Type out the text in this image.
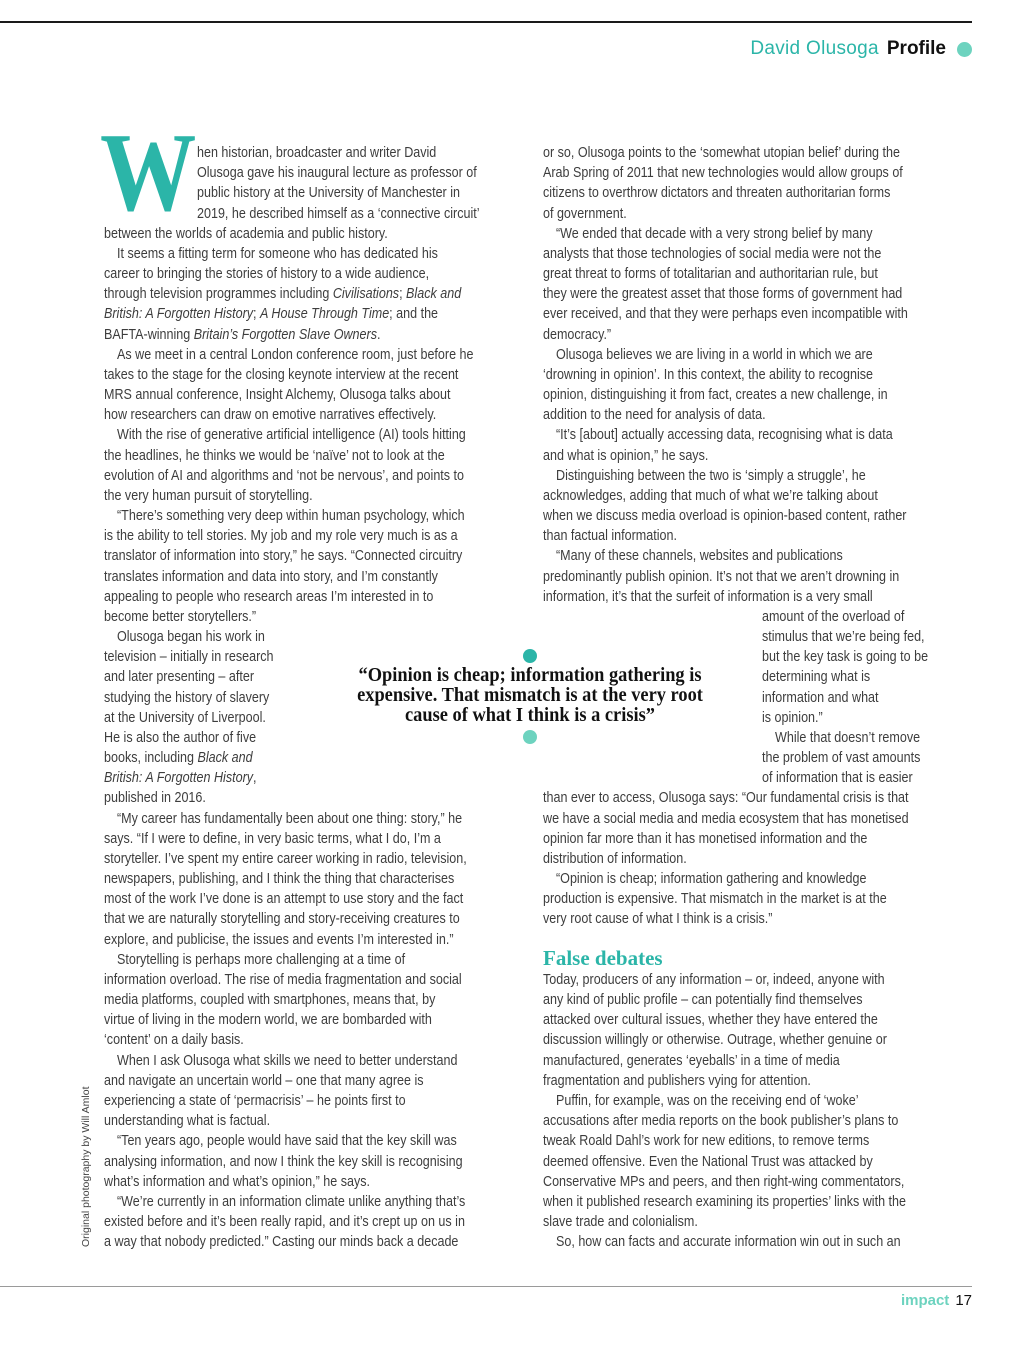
David Olusoga Profile
W hen historian, broadcaster and writer David
Olusoga gave his inaugural lecture as professor of
public history at the University of Manchester in
2019, he described himself as a ‘connective circuit’
between the worlds of academia and public history.
It seems a fitting term for someone who has dedicated his
career to bringing the stories of history to a wide audience,
through television programmes including Civilisations; Black and
British: A Forgotten History; A House Through Time; and the
BAFTA-winning Britain’s Forgotten Slave Owners.
As we meet in a central London conference room, just before he
takes to the stage for the closing keynote interview at the recent
MRS annual conference, Insight Alchemy, Olusoga talks about
how researchers can draw on emotive narratives effectively.
With the rise of generative artificial intelligence (AI) tools hitting
the headlines, he thinks we would be ‘naïve’ not to look at the
evolution of AI and algorithms and ‘not be nervous’, and points to
the very human pursuit of storytelling.
“There’s something very deep within human psychology, which
is the ability to tell stories. My job and my role very much is as a
translator of information into story,” he says. “Connected circuitry
translates information and data into story, and I’m constantly
appealing to people who research areas I’m interested in to
become better storytellers.”
Olusoga began his work in
television – initially in research
and later presenting – after
studying the history of slavery
at the University of Liverpool.
He is also the author of five
books, including Black and
British: A Forgotten History,
published in 2016.
“My career has fundamentally been about one thing: story,” he
says. “If I were to define, in very basic terms, what I do, I’m a
storyteller. I’ve spent my entire career working in radio, television,
newspapers, publishing, and I think the thing that characterises
most of the work I’ve done is an attempt to use story and the fact
that we are naturally storytelling and story-receiving creatures to
explore, and publicise, the issues and events I’m interested in.”
Storytelling is perhaps more challenging at a time of
information overload. The rise of media fragmentation and social
media platforms, coupled with smartphones, means that, by
virtue of living in the modern world, we are bombarded with
‘content’ on a daily basis.
When I ask Olusoga what skills we need to better understand
and navigate an uncertain world – one that many agree is
experiencing a state of ‘permacrisis’ – he points first to
understanding what is factual.
“Ten years ago, people would have said that the key skill was
analysing information, and now I think the key skill is recognising
what’s information and what’s opinion,” he says.
“We’re currently in an information climate unlike anything that’s
existed before and it’s been really rapid, and it’s crept up on us in
a way that nobody predicted.” Casting our minds back a decade
or so, Olusoga points to the ‘somewhat utopian belief’ during the
Arab Spring of 2011 that new technologies would allow groups of
citizens to overthrow dictators and threaten authoritarian forms
of government.
“We ended that decade with a very strong belief by many
analysts that those technologies of social media were not the
great threat to forms of totalitarian and authoritarian rule, but
they were the greatest asset that those forms of government had
ever received, and that they were perhaps even incompatible with
democracy.”
Olusoga believes we are living in a world in which we are
‘drowning in opinion’. In this context, the ability to recognise
opinion, distinguishing it from fact, creates a new challenge, in
addition to the need for analysis of data.
“It’s [about] actually accessing data, recognising what is data
and what is opinion,” he says.
Distinguishing between the two is ‘simply a struggle’, he
acknowledges, adding that much of what we’re talking about
when we discuss media overload is opinion-based content, rather
than factual information.
“Many of these channels, websites and publications
predominantly publish opinion. It’s not that we aren’t drowning in
information, it’s that the surfeit of information is a very small
amount of the overload of
stimulus that we’re being fed,
but the key task is going to be
determining what is
information and what
is opinion.”
While that doesn’t remove
the problem of vast amounts
of information that is easier
than ever to access, Olusoga says: “Our fundamental crisis is that
we have a social media and media ecosystem that has monetised
opinion far more than it has monetised information and the
distribution of information.
“Opinion is cheap; information gathering and knowledge
production is expensive. That mismatch in the market is at the
very root cause of what I think is a crisis.”
Today, producers of any information – or, indeed, anyone with
any kind of public profile – can potentially find themselves
attacked over cultural issues, whether they have entered the
discussion willingly or otherwise. Outrage, whether genuine or
manufactured, generates ‘eyeballs’ in a time of media
fragmentation and publishers vying for attention.
Puffin, for example, was on the receiving end of ‘woke’
accusations after media reports on the book publisher’s plans to
tweak Roald Dahl’s work for new editions, to remove terms
deemed offensive. Even the National Trust was attacked by
Conservative MPs and peers, and then right-wing commentators,
when it published research examining its properties’ links with the
slave trade and colonialism.
So, how can facts and accurate information win out in such an
False debates
“Opinion is cheap; information gathering is
expensive. That mismatch is at the very root
cause of what I think is a crisis”
Original photography by Will Amlot
impact 17
